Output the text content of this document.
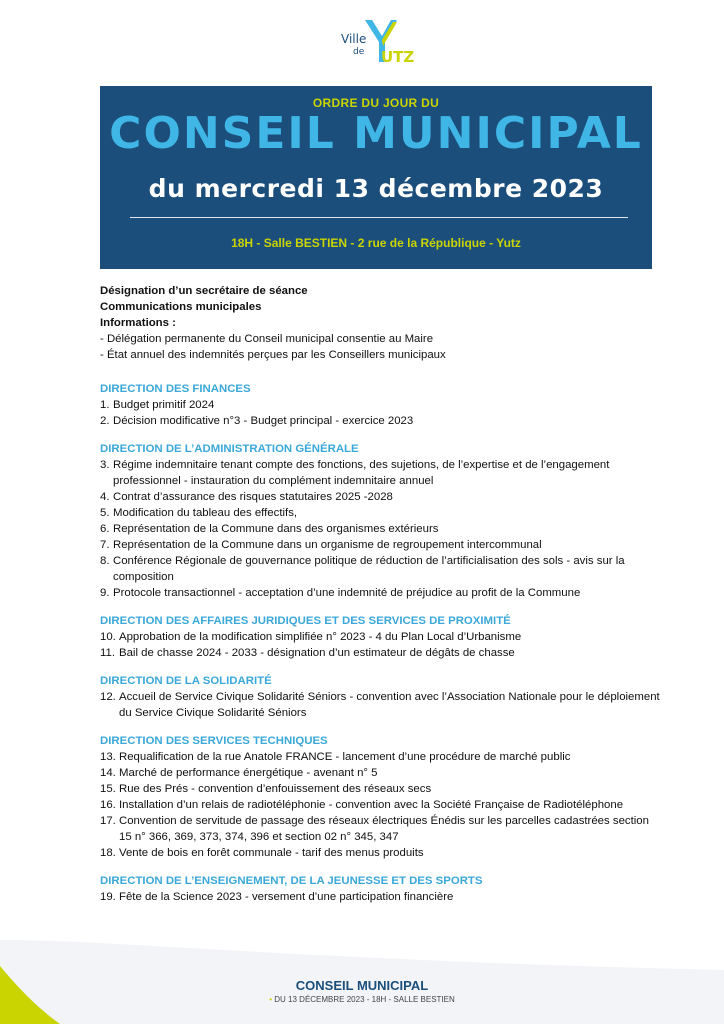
Ville
de UTZ
ORDRE DU JOUR DU
CONSEIL MUNICIPAL
du mercredi 13 décembre 2023
18H - Salle BESTIEN - 2 rue de la République - Yutz
Désignation d’un secrétaire de séance
Communications municipales
Informations :
- Délégation permanente du Conseil municipal consentie au Maire
- État annuel des indemnités perçues par les Conseillers municipaux
DIRECTION DES FINANCES
1. Budget primitif 2024
2. Décision modificative n°3 - Budget principal - exercice 2023
DIRECTION DE L’ADMINISTRATION GÉNÉRALE
3. Régime indemnitaire tenant compte des fonctions, des sujetions, de l’expertise et de l’engagement professionnel - instauration du complément indemnitaire annuel
4. Contrat d’assurance des risques statutaires 2025 -2028
5. Modification du tableau des effectifs,
6. Représentation de la Commune dans des organismes extérieurs
7. Représentation de la Commune dans un organisme de regroupement intercommunal
8. Conférence Régionale de gouvernance politique de réduction de l’artificialisation des sols - avis sur la composition
9. Protocole transactionnel - acceptation d’une indemnité de préjudice au profit de la Commune
DIRECTION DES AFFAIRES JURIDIQUES ET DES SERVICES DE PROXIMITÉ
10. Approbation de la modification simplifiée n° 2023 - 4 du Plan Local d’Urbanisme
11. Bail de chasse 2024 - 2033 - désignation d’un estimateur de dégâts de chasse
DIRECTION DE LA SOLIDARITÉ
12. Accueil de Service Civique Solidarité Séniors - convention avec l’Association Nationale pour le déploiement du Service Civique Solidarité Séniors
DIRECTION DES SERVICES TECHNIQUES
13. Requalification de la rue Anatole FRANCE - lancement d’une procédure de marché public
14. Marché de performance énergétique - avenant n° 5
15. Rue des Prés - convention d’enfouissement des réseaux secs
16. Installation d’un relais de radiotéléphonie - convention avec la Société Française de Radiotéléphone
17. Convention de servitude de passage des réseaux électriques Énédis sur les parcelles cadastrées section 15 n° 366, 369, 373, 374, 396 et section 02 n° 345, 347
18. Vente de bois en forêt communale - tarif des menus produits
DIRECTION DE L’ENSEIGNEMENT, DE LA JEUNESSE ET DES SPORTS
19. Fête de la Science 2023 - versement d’une participation financière
CONSEIL MUNICIPAL
• DU 13 DÉCEMBRE 2023 - 18H - SALLE BESTIEN
